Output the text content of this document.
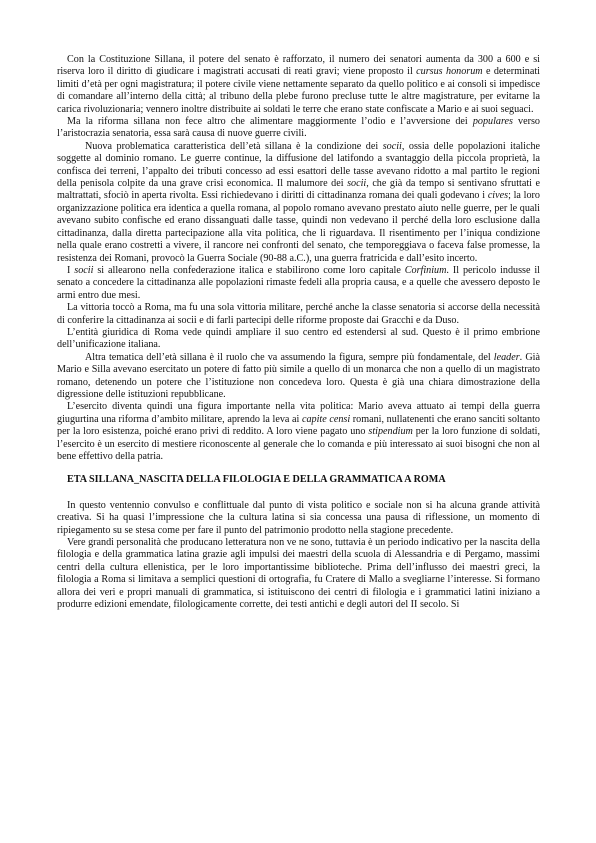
Con la Costituzione Sillana, il potere del senato è rafforzato, il numero dei senatori aumenta da 300 a 600 e si riserva loro il diritto di giudicare i magistrati accusati di reati gravi; viene proposto il cursus honorum e determinati limiti d’età per ogni magistratura; il potere civile viene nettamente separato da quello politico e ai consoli si impedisce di comandare all’interno della città; al tribuno della plebe furono precluse tutte le altre magistrature, per evitarne la carica rivoluzionaria; vennero inoltre distribuite ai soldati le terre che erano state confiscate a Mario e ai suoi seguaci.

Ma la riforma sillana non fece altro che alimentare maggiormente l’odio e l’avversione dei populares verso l’aristocrazia senatoria, essa sarà causa di nuove guerre civili.

Nuova problematica caratteristica dell’età sillana è la condizione dei socii, ossia delle popolazioni italiche soggette al dominio romano. Le guerre continue, la diffusione del latifondo a svantaggio della piccola proprietà, la confisca dei terreni, l’appalto dei tributi concesso ad essi esattori delle tasse avevano ridotto a mal partito le regioni della penisola colpite da una grave crisi economica. Il malumore dei socii, che già da tempo si sentivano sfruttati e maltrattati, sfociò in aperta rivolta. Essi richiedevano i diritti di cittadinanza romana dei quali godevano i cives; la loro organizzazione politica era identica a quella romana, al popolo romano avevano prestato aiuto nelle guerre, per le quali avevano subito confische ed erano dissanguati dalle tasse, quindi non vedevano il perché della loro esclusione dalla cittadinanza, dalla diretta partecipazione alla vita politica, che li riguardava. Il risentimento per l’iniqua condizione nella quale erano costretti a vivere, il rancore nei confronti del senato, che temporeggiava o faceva false promesse, la resistenza dei Romani, provocò la Guerra Sociale (90-88 a.C.), una guerra fratricida e dall’esito incerto.

I socii si allearono nella confederazione italica e stabilirono come loro capitale Corfinium. Il pericolo indusse il senato a concedere la cittadinanza alle popolazioni rimaste fedeli alla propria causa, e a quelle che avessero deposto le armi entro due mesi.

La vittoria toccò a Roma, ma fu una sola vittoria militare, perché anche la classe senatoria si accorse della necessità di conferire la cittadinanza ai socii e di farli partecipi delle riforme proposte dai Gracchi e da Duso.

L’entità giuridica di Roma vede quindi ampliare il suo centro ed estendersi al sud. Questo è il primo embrione dell’unificazione italiana.

Altra tematica dell’età sillana è il ruolo che va assumendo la figura, sempre più fondamentale, del leader. Già Mario e Silla avevano esercitato un potere di fatto più simile a quello di un monarca che non a quello di un magistrato romano, detenendo un potere che l’istituzione non concedeva loro. Questa è già una chiara dimostrazione della digressione delle istituzioni repubblicane.

L’esercito diventa quindi una figura importante nella vita politica: Mario aveva attuato ai tempi della guerra giugurtina una riforma d’ambito militare, aprendo la leva ai capite censi romani, nullatenenti che erano sanciti soltanto per la loro esistenza, poiché erano privi di reddito. A loro viene pagato uno stipendium per la loro funzione di soldati, l’esercito è un esercito di mestiere riconoscente al generale che lo comanda e più interessato ai suoi bisogni che non al bene effettivo della patria.

ETA SILLANA_NASCITA DELLA FILOLOGIA E DELLA GRAMMATICA A ROMA

In questo ventennio convulso e conflittuale dal punto di vista politico e sociale non si ha alcuna grande attività creativa. Si ha quasi l’impressione che la cultura latina si sia concessa una pausa di riflessione, un momento di ripiegamento su se stesa come per fare il punto del patrimonio prodotto nella stagione precedente.

Vere grandi personalità che producano letteratura non ve ne sono, tuttavia è un periodo indicativo per la nascita della filologia e della grammatica latina grazie agli impulsi dei maestri della scuola di Alessandria e di Pergamo, massimi centri della cultura ellenistica, per le loro importantissime biblioteche. Prima dell’influsso dei maestri greci, la filologia a Roma si limitava a semplici questioni di ortografia, fu Cratere di Mallo a svegliarne l’interesse. Si formano allora dei veri e propri manuali di grammatica, si istituiscono dei centri di filologia e i grammatici latini iniziano a produrre edizioni emendate, filologicamente corrette, dei testi antichi e degli autori del II secolo. Si
